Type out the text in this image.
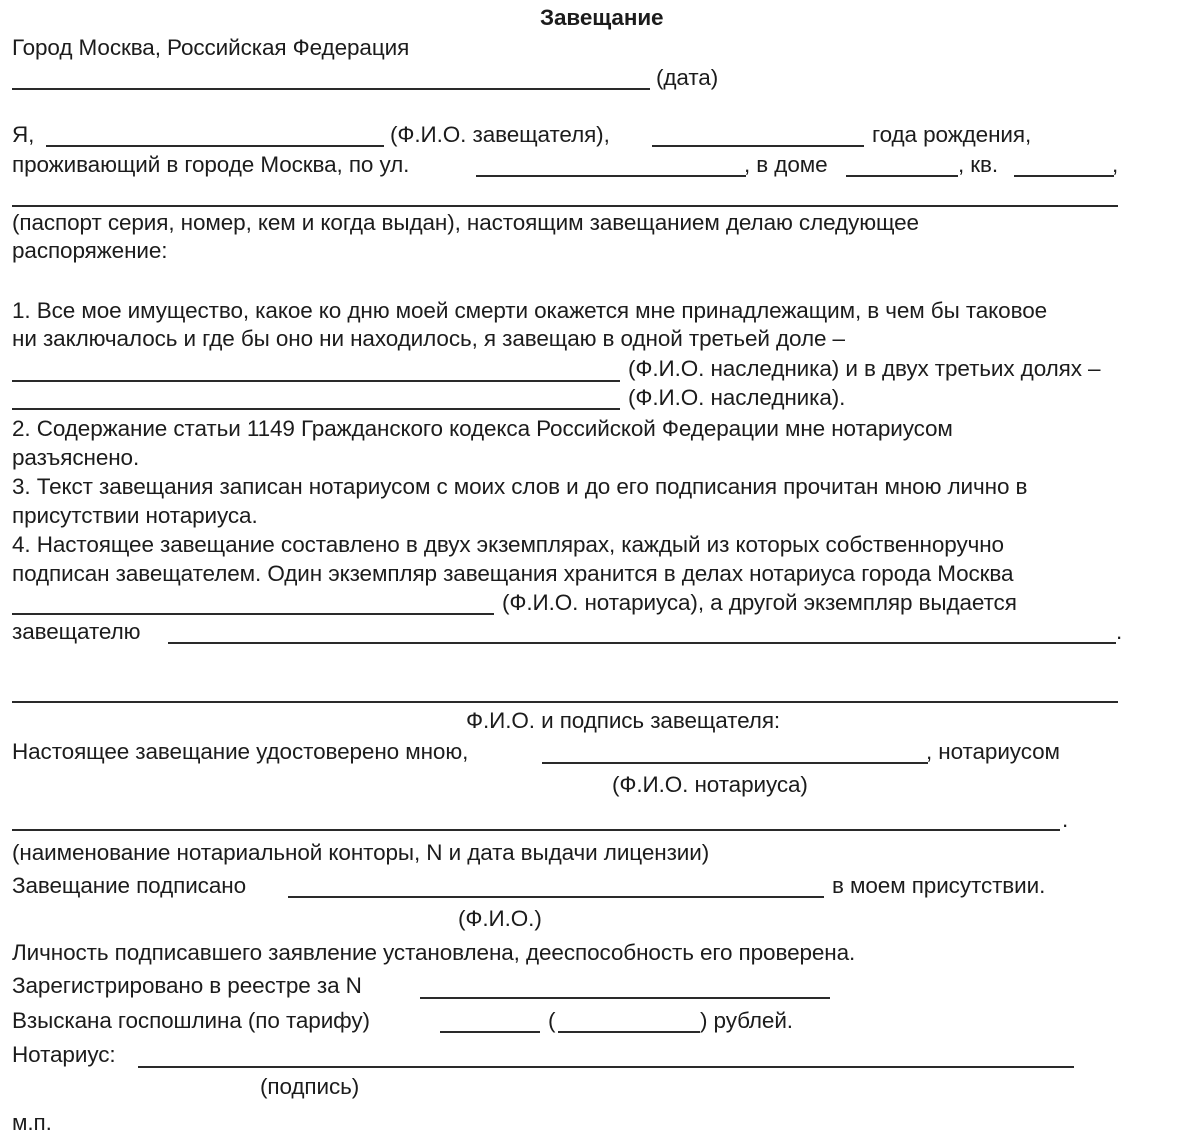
Завещание
Город Москва, Российская Федерация
(дата)
Я,	(Ф.И.О. завещателя),	года рождения,
проживающий в городе Москва, по ул.	, в доме	, кв.	,
(паспорт серия, номер, кем и когда выдан), настоящим завещанием делаю следующее
распоряжение:
1. Все мое имущество, какое ко дню моей смерти окажется мне принадлежащим, в чем бы таковое
ни заключалось и где бы оно ни находилось, я завещаю в одной третьей доле –
(Ф.И.О. наследника) и в двух третьих долях –
(Ф.И.О. наследника).
2. Содержание статьи 1149 Гражданского кодекса Российской Федерации мне нотариусом
разъяснено.
3. Текст завещания записан нотариусом с моих слов и до его подписания прочитан мною лично в
присутствии нотариуса.
4. Настоящее завещание составлено в двух экземплярах, каждый из которых собственноручно
подписан завещателем. Один экземпляр завещания хранится в делах нотариуса города Москва
(Ф.И.О. нотариуса), а другой экземпляр выдается
завещателю	.
Ф.И.О. и подпись завещателя:
Настоящее завещание удостоверено мною,	, нотариусом
(Ф.И.О. нотариуса)
.
(наименование нотариальной конторы, N и дата выдачи лицензии)
Завещание подписано	в моем присутствии.
(Ф.И.О.)
Личность подписавшего заявление установлена, дееспособность его проверена.
Зарегистрировано в реестре за N
Взыскана госпошлина (по тарифу)	(	) рублей.
Нотариус:
(подпись)
м.п.
